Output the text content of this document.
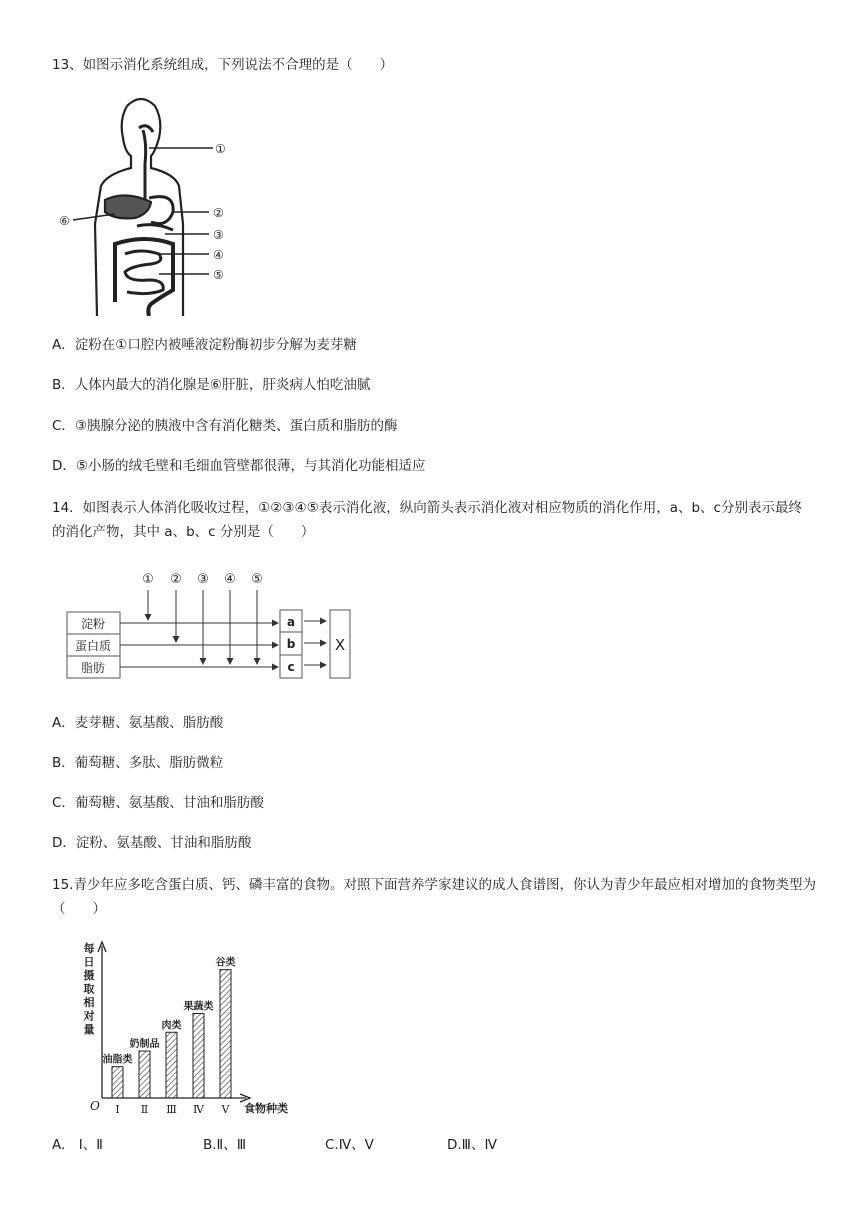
13、如图示消化系统组成，下列说法不合理的是（　　）
①
②
③
④
⑤
⑥
A．淀粉在①口腔内被唾液淀粉酶初步分解为麦芽糖
B．人体内最大的消化腺是⑥肝脏，肝炎病人怕吃油腻
C．③胰腺分泌的胰液中含有消化糖类、蛋白质和脂肪的酶
D．⑤小肠的绒毛壁和毛细血管壁都很薄，与其消化功能相适应
14．如图表示人体消化吸收过程，①②③④⑤表示消化液，纵向箭头表示消化液对相应物质的消化作用，a、b、c分别表示最终的消化产物，其中 a、b、c 分别是（　　）
① ② ③ ④ ⑤
淀粉
蛋白质
脂肪
a
b
c
X
A．麦芽糖、氨基酸、脂肪酸
B．葡萄糖、多肽、脂肪微粒
C．葡萄糖、氨基酸、甘油和脂肪酸
D．淀粉、氨基酸、甘油和脂肪酸
15.青少年应多吃含蛋白质、钙、磷丰富的食物。对照下面营养学家建议的成人食谱图，你认为青少年最应相对增加的食物类型为（　　）
O	食物种类
每日摄取相对量
油脂类
Ⅰ
奶制品
Ⅱ
肉类
Ⅲ
果蔬类
Ⅳ
谷类
Ⅴ
A.　Ⅰ、Ⅱ	B.Ⅱ、Ⅲ	C.Ⅳ、Ⅴ	D.Ⅲ、Ⅳ
